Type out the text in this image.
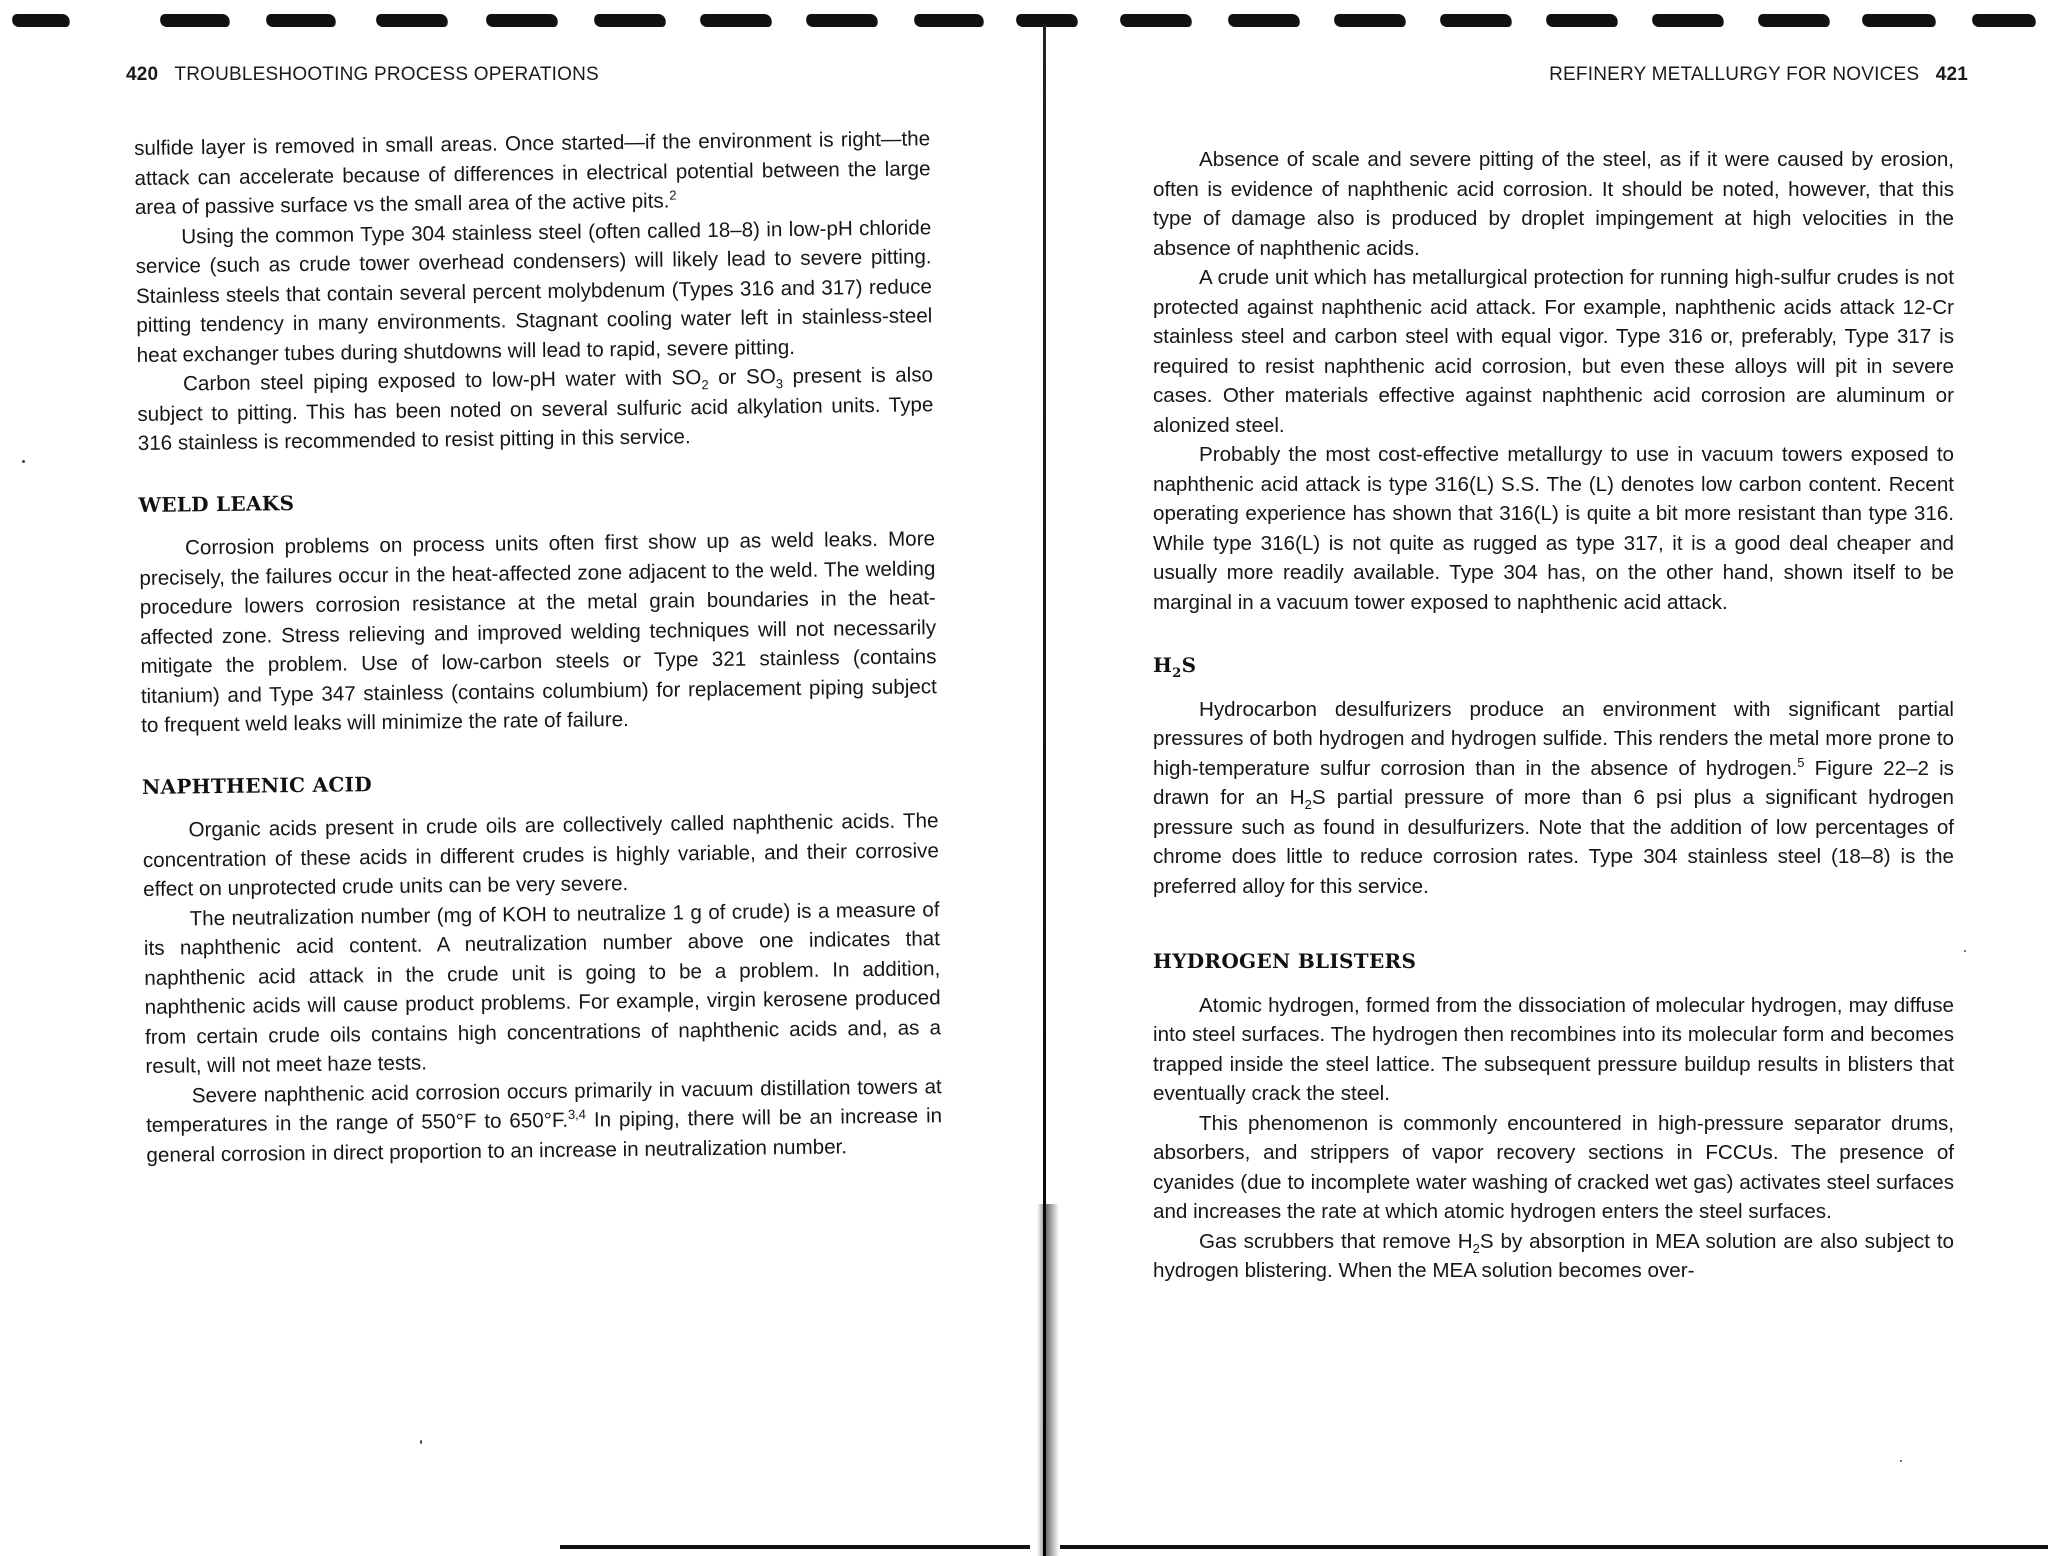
420 TROUBLESHOOTING PROCESS OPERATIONS

sulfide layer is removed in small areas. Once started—if the environment is right—the attack can accelerate because of differences in electrical potential between the large area of passive surface vs the small area of the active pits.$^2$

Using the common Type 304 stainless steel (often called 18–8) in low-pH chloride service (such as crude tower overhead condensers) will likely lead to severe pitting. Stainless steels that contain several percent molybdenum (Types 316 and 317) reduce pitting tendency in many environments. Stagnant cooling water left in stainless-steel heat exchanger tubes during shutdowns will lead to rapid, severe pitting.

Carbon steel piping exposed to low-pH water with $SO_2$ or $SO_3$ present is also subject to pitting. This has been noted on several sulfuric acid alkylation units. Type 316 stainless is recommended to resist pitting in this service.

WELD LEAKS

Corrosion problems on process units often first show up as weld leaks. More precisely, the failures occur in the heat-affected zone adjacent to the weld. The welding procedure lowers corrosion resistance at the metal grain boundaries in the heat-affected zone. Stress relieving and improved welding techniques will not necessarily mitigate the problem. Use of low-carbon steels or Type 321 stainless (contains titanium) and Type 347 stainless (contains columbium) for replacement piping subject to frequent weld leaks will minimize the rate of failure.

NAPHTHENIC ACID

Organic acids present in crude oils are collectively called naphthenic acids. The concentration of these acids in different crudes is highly variable, and their corrosive effect on unprotected crude units can be very severe.

The neutralization number (mg of KOH to neutralize 1 g of crude) is a measure of its naphthenic acid content. A neutralization number above one indicates that naphthenic acid attack in the crude unit is going to be a problem. In addition, naphthenic acids will cause product problems. For example, virgin kerosene produced from certain crude oils contains high concentrations of naphthenic acids and, as a result, will not meet haze tests.

Severe naphthenic acid corrosion occurs primarily in vacuum distillation towers at temperatures in the range of 550°F to 650°F.$^{3,4}$ In piping, there will be an increase in general corrosion in direct proportion to an increase in neutralization number.

REFINERY METALLURGY FOR NOVICES 421

Absence of scale and severe pitting of the steel, as if it were caused by erosion, often is evidence of naphthenic acid corrosion. It should be noted, however, that this type of damage also is produced by droplet impingement at high velocities in the absence of naphthenic acids.

A crude unit which has metallurgical protection for running high-sulfur crudes is not protected against naphthenic acid attack. For example, naphthenic acids attack 12-Cr stainless steel and carbon steel with equal vigor. Type 316 or, preferably, Type 317 is required to resist naphthenic acid corrosion, but even these alloys will pit in severe cases. Other materials effective against naphthenic acid corrosion are aluminum or alonized steel.

Probably the most cost-effective metallurgy to use in vacuum towers exposed to naphthenic acid attack is type 316(L) S.S. The (L) denotes low carbon content. Recent operating experience has shown that 316(L) is quite a bit more resistant than type 316. While type 316(L) is not quite as rugged as type 317, it is a good deal cheaper and usually more readily available. Type 304 has, on the other hand, shown itself to be marginal in a vacuum tower exposed to naphthenic acid attack.

$H_2S$

Hydrocarbon desulfurizers produce an environment with significant partial pressures of both hydrogen and hydrogen sulfide. This renders the metal more prone to high-temperature sulfur corrosion than in the absence of hydrogen.$^5$ Figure 22–2 is drawn for an $H_2S$ partial pressure of more than 6 psi plus a significant hydrogen pressure such as found in desulfurizers. Note that the addition of low percentages of chrome does little to reduce corrosion rates. Type 304 stainless steel (18–8) is the preferred alloy for this service.

HYDROGEN BLISTERS

Atomic hydrogen, formed from the dissociation of molecular hydrogen, may diffuse into steel surfaces. The hydrogen then recombines into its molecular form and becomes trapped inside the steel lattice. The subsequent pressure buildup results in blisters that eventually crack the steel.

This phenomenon is commonly encountered in high-pressure separator drums, absorbers, and strippers of vapor recovery sections in FCCUs. The presence of cyanides (due to incomplete water washing of cracked wet gas) activates steel surfaces and increases the rate at which atomic hydrogen enters the steel surfaces.

Gas scrubbers that remove $H_2S$ by absorption in MEA solution are also subject to hydrogen blistering. When the MEA solution becomes over-
